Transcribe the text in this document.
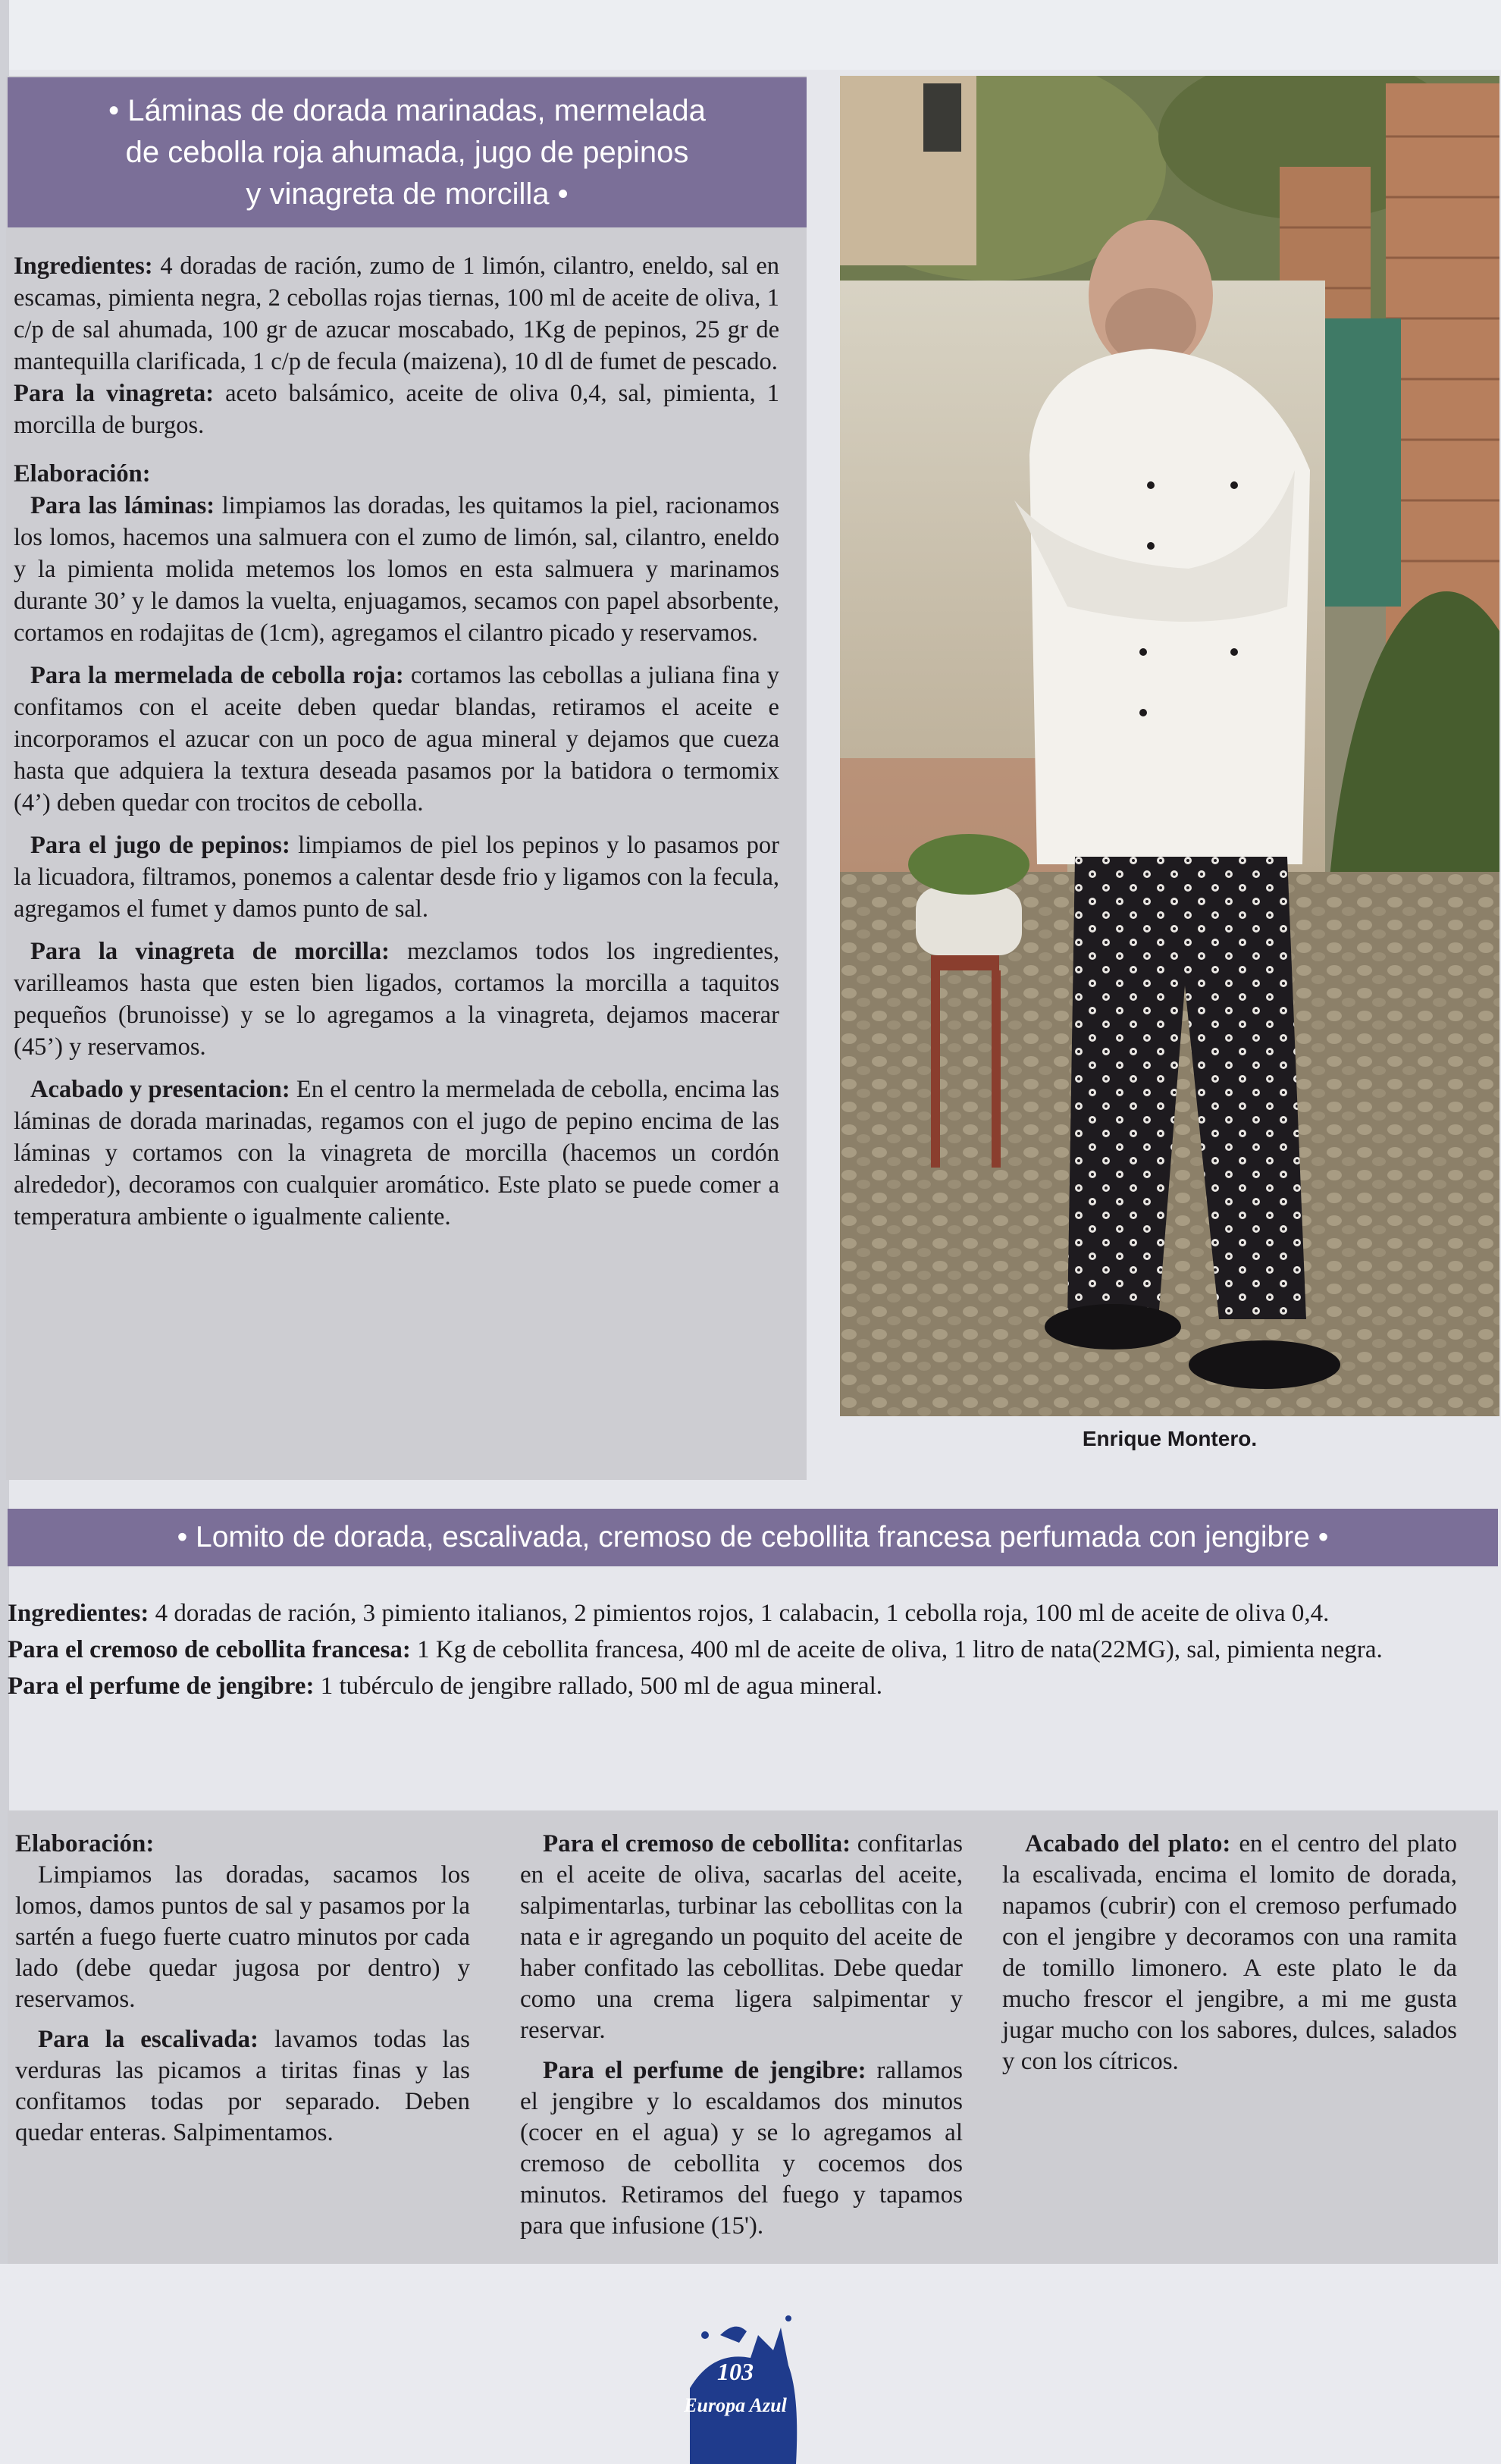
• Láminas de dorada marinadas, mermelada
de cebolla roja ahumada, jugo de pepinos
y vinagreta de morcilla •

Ingredientes: 4 doradas de ración, zumo de 1 limón, cilantro, eneldo, sal en escamas, pimienta negra, 2 cebollas rojas tiernas, 100 ml de aceite de oliva, 1 c/p de sal ahumada, 100 gr de azucar moscabado, 1Kg de pepinos, 25 gr de mantequilla clarificada, 1 c/p de fecula (maizena), 10 dl de fumet de pescado.

Para la vinagreta: aceto balsámico, aceite de oliva 0,4, sal, pimienta, 1 morcilla de burgos.

Elaboración:

Para las láminas: limpiamos las doradas, les quitamos la piel, racionamos los lomos, hacemos una salmuera con el zumo de limón, sal, cilantro, eneldo y la pimienta molida metemos los lomos en esta salmuera y marinamos durante 30’ y le damos la vuelta, enjuagamos, secamos con papel absorbente, cortamos en rodajitas de (1cm), agregamos el cilantro picado y reservamos.

Para la mermelada de cebolla roja: cortamos las cebollas a juliana fina y confitamos con el aceite deben quedar blandas, retiramos el aceite e incorporamos el azucar con un poco de agua mineral y dejamos que cueza hasta que adquiera la textura deseada pasamos por la batidora o termomix (4’) deben quedar con trocitos de cebolla.

Para el jugo de pepinos: limpiamos de piel los pepinos y lo pasamos por la licuadora, filtramos, ponemos a calentar desde frio y ligamos con la fecula, agregamos el fumet y damos punto de sal.

Para la vinagreta de morcilla: mezclamos todos los ingredientes, varilleamos hasta que esten bien ligados, cortamos la morcilla a taquitos pequeños (brunoisse) y se lo agregamos a la vinagreta, dejamos macerar (45’) y reservamos.

Acabado y presentacion: En el centro la mermelada de cebolla, encima las láminas de dorada marinadas, regamos con el jugo de pepino encima de las láminas y cortamos con la vinagreta de morcilla (hacemos un cordón alrededor), decoramos con cualquier aromático. Este plato se puede comer a temperatura ambiente o igualmente caliente.

Enrique Montero.
• Lomito de dorada, escalivada, cremoso de cebollita francesa perfumada con jengibre •

Ingredientes: 4 doradas de ración, 3 pimiento italianos, 2 pimientos rojos, 1 calabacin, 1 cebolla roja, 100 ml de aceite de oliva 0,4.

Para el cremoso de cebollita francesa: 1 Kg de cebollita francesa, 400 ml de aceite de oliva, 1 litro de nata(22MG), sal, pimienta negra.

Para el perfume de jengibre: 1 tubérculo de jengibre rallado, 500 ml de agua mineral.

Elaboración:

Limpiamos las doradas, sacamos los lomos, damos puntos de sal y pasamos por la sartén a fuego fuerte cuatro minutos por cada lado (debe quedar jugosa por dentro) y reservamos.

Para la escalivada: lavamos todas las verduras las picamos a tiritas finas y las confitamos todas por separado. Deben quedar enteras. Salpimentamos.

Para el cremoso de cebollita: confitarlas en el aceite de oliva, sacarlas del aceite, salpimentarlas, turbinar las cebollitas con la nata e ir agregando un poquito del aceite de haber confitado las cebollitas. Debe quedar como una crema ligera salpimentar y reservar.

Para el perfume de jengibre: rallamos el jengibre y lo escaldamos dos minutos (cocer en el agua) y se lo agregamos al cremoso de cebollita y cocemos dos minutos. Retiramos del fuego y tapamos para que infusione (15').

Acabado del plato: en el centro del plato la escalivada, encima el lomito de dorada, napamos (cubrir) con el cremoso perfumado con el jengibre y decoramos con una ramita de tomillo limonero. A este plato le da mucho frescor el jengibre, a mi me gusta jugar mucho con los sabores, dulces, salados y con los cítricos.

103
Europa Azul
